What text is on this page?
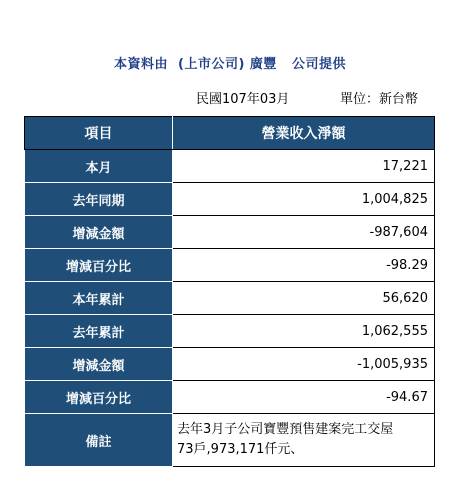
本資料由  (上市公司) 廣豐   公司提供
民國107年03月	單位：新台幣
項目	營業收入淨額
本月	17,221
去年同期	1,004,825
增減金額	-987,604
增減百分比	-98.29
本年累計	56,620
去年累計	1,062,555
增減金額	-1,005,935
增減百分比	-94.67
備註	去年3月子公司寶豐預售建案完工交屋
73戶,973,171仟元、
